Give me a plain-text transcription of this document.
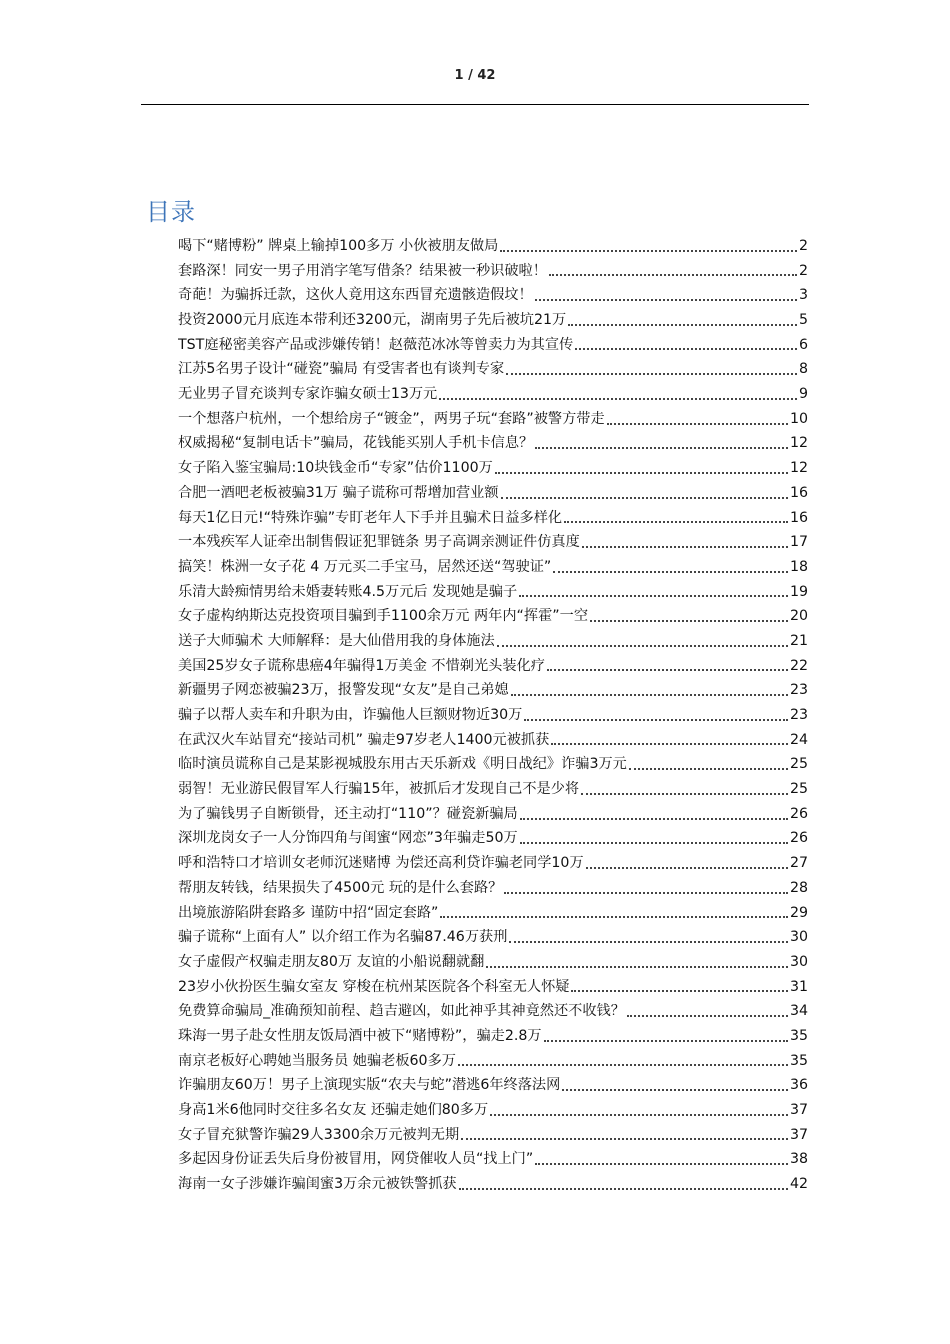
1 / 42
目录
喝下“赌博粉” 牌桌上输掉100多万 小伙被朋友做局	2
套路深！同安一男子用消字笔写借条？结果被一秒识破啦！	2
奇葩！为骗拆迁款，这伙人竟用这东西冒充遗骸造假坟！	3
投资2000元月底连本带利还3200元，湖南男子先后被坑21万	5
TST庭秘密美容产品或涉嫌传销！赵薇范冰冰等曾卖力为其宣传	6
江苏5名男子设计“碰瓷”骗局 有受害者也有谈判专家	8
无业男子冒充谈判专家诈骗女硕士13万元	9
一个想落户杭州，一个想给房子“镀金”，两男子玩“套路”被警方带走	10
权威揭秘“复制电话卡”骗局，花钱能买别人手机卡信息？	12
女子陷入鉴宝骗局:10块钱金币“专家”估价1100万	12
合肥一酒吧老板被骗31万 骗子谎称可帮增加营业额	16
每天1亿日元!“特殊诈骗”专盯老年人下手并且骗术日益多样化	16
一本残疾军人证牵出制售假证犯罪链条 男子高调亲测证件仿真度	17
搞笑！株洲一女子花 4 万元买二手宝马，居然还送“驾驶证”	18
乐清大龄痴情男给未婚妻转账4.5万元后 发现她是骗子	19
女子虚构纳斯达克投资项目骗到手1100余万元 两年内“挥霍”一空	20
送子大师骗术 大师解释：是大仙借用我的身体施法	21
美国25岁女子谎称患癌4年骗得1万美金 不惜剃光头装化疗	22
新疆男子网恋被骗23万，报警发现“女友”是自己弟媳	23
骗子以帮人卖车和升职为由，诈骗他人巨额财物近30万	23
在武汉火车站冒充“接站司机” 骗走97岁老人1400元被抓获	24
临时演员谎称自己是某影视城股东用古天乐新戏《明日战纪》诈骗3万元	25
弱智！无业游民假冒军人行骗15年，被抓后才发现自己不是少将	25
为了骗钱男子自断锁骨，还主动打“110”？碰瓷新骗局	26
深圳龙岗女子一人分饰四角与闺蜜“网恋”3年骗走50万	26
呼和浩特口才培训女老师沉迷赌博 为偿还高利贷诈骗老同学10万	27
帮朋友转钱，结果损失了4500元 玩的是什么套路？	28
出境旅游陷阱套路多 谨防中招“固定套路”	29
骗子谎称“上面有人” 以介绍工作为名骗87.46万获刑	30
女子虚假产权骗走朋友80万 友谊的小船说翻就翻	30
23岁小伙扮医生骗女室友 穿梭在杭州某医院各个科室无人怀疑	31
免费算命骗局_准确预知前程、趋吉避凶，如此神乎其神竟然还不收钱？	34
珠海一男子赴女性朋友饭局酒中被下“赌博粉”，骗走2.8万	35
南京老板好心聘她当服务员 她骗老板60多万	35
诈骗朋友60万！男子上演现实版“农夫与蛇”潜逃6年终落法网	36
身高1米6他同时交往多名女友 还骗走她们80多万	37
女子冒充狱警诈骗29人3300余万元被判无期	37
多起因身份证丢失后身份被冒用，网贷催收人员“找上门”	38
海南一女子涉嫌诈骗闺蜜3万余元被铁警抓获	42
